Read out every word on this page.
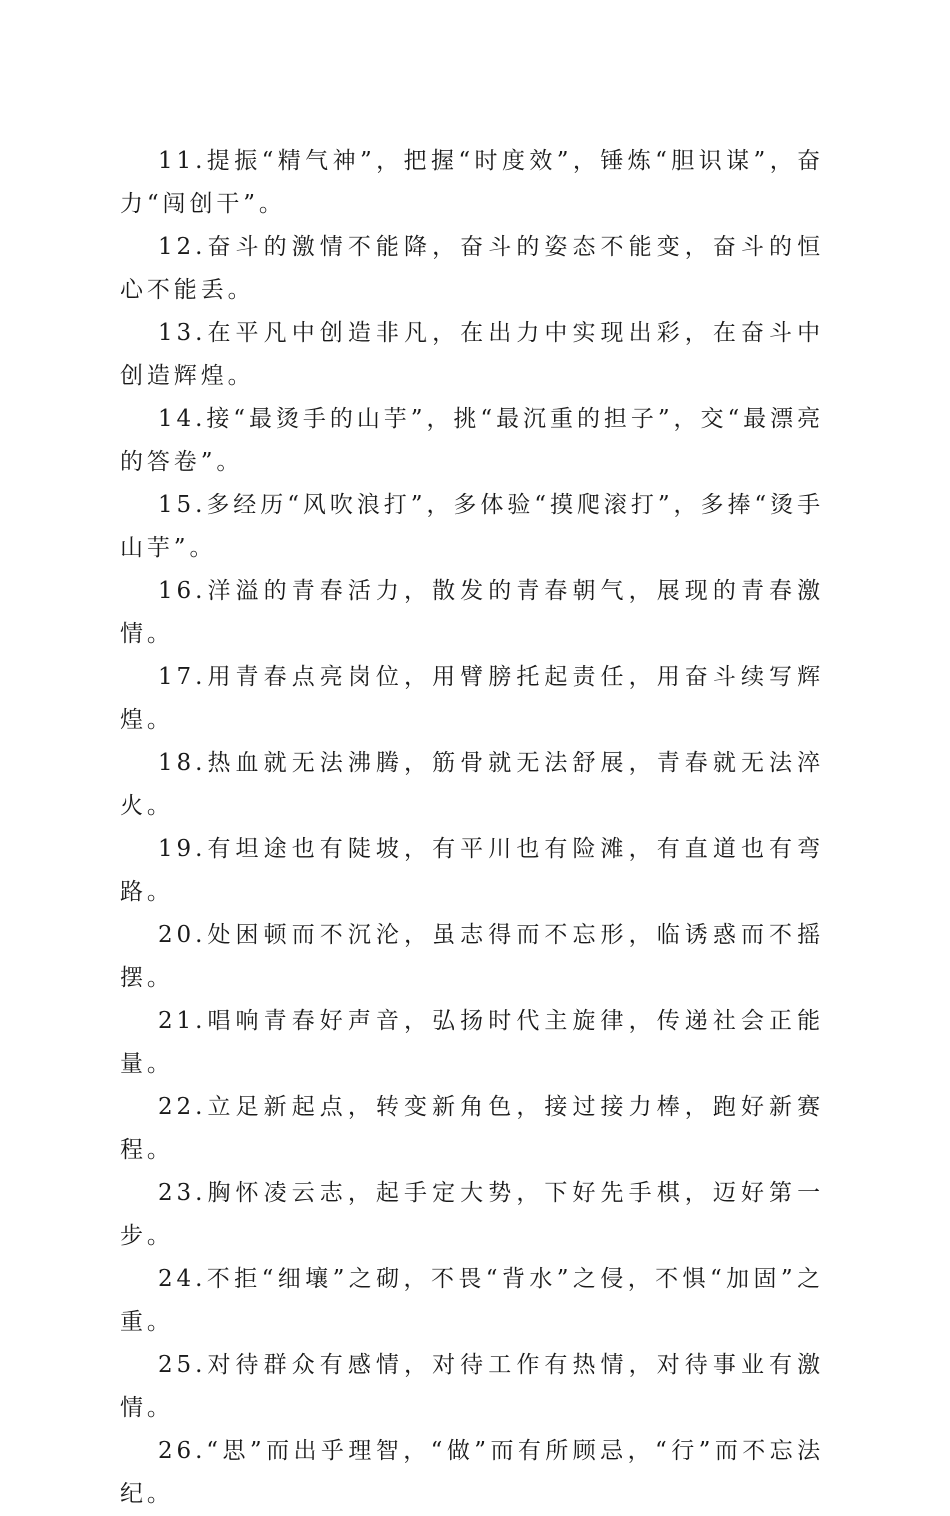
11.提振“精气神”，把握“时度效”，锤炼“胆识谋”，奋力“闯创干”。

12.奋斗的激情不能降，奋斗的姿态不能变，奋斗的恒心不能丢。

13.在平凡中创造非凡，在出力中实现出彩，在奋斗中创造辉煌。

14.接“最烫手的山芋”，挑“最沉重的担子”，交“最漂亮的答卷”。

15.多经历“风吹浪打”，多体验“摸爬滚打”，多捧“烫手山芋”。

16.洋溢的青春活力，散发的青春朝气，展现的青春激情。

17.用青春点亮岗位，用臂膀托起责任，用奋斗续写辉煌。

18.热血就无法沸腾，筋骨就无法舒展，青春就无法淬火。

19.有坦途也有陡坡，有平川也有险滩，有直道也有弯路。

20.处困顿而不沉沦，虽志得而不忘形，临诱惑而不摇摆。

21.唱响青春好声音，弘扬时代主旋律，传递社会正能量。

22.立足新起点，转变新角色，接过接力棒，跑好新赛程。

23.胸怀凌云志，起手定大势，下好先手棋，迈好第一步。

24.不拒“细壤”之砌，不畏“背水”之侵，不惧“加固”之重。

25.对待群众有感情，对待工作有热情，对待事业有激情。

26.“思”而出乎理智，“做”而有所顾忌，“行”而不忘法纪。
